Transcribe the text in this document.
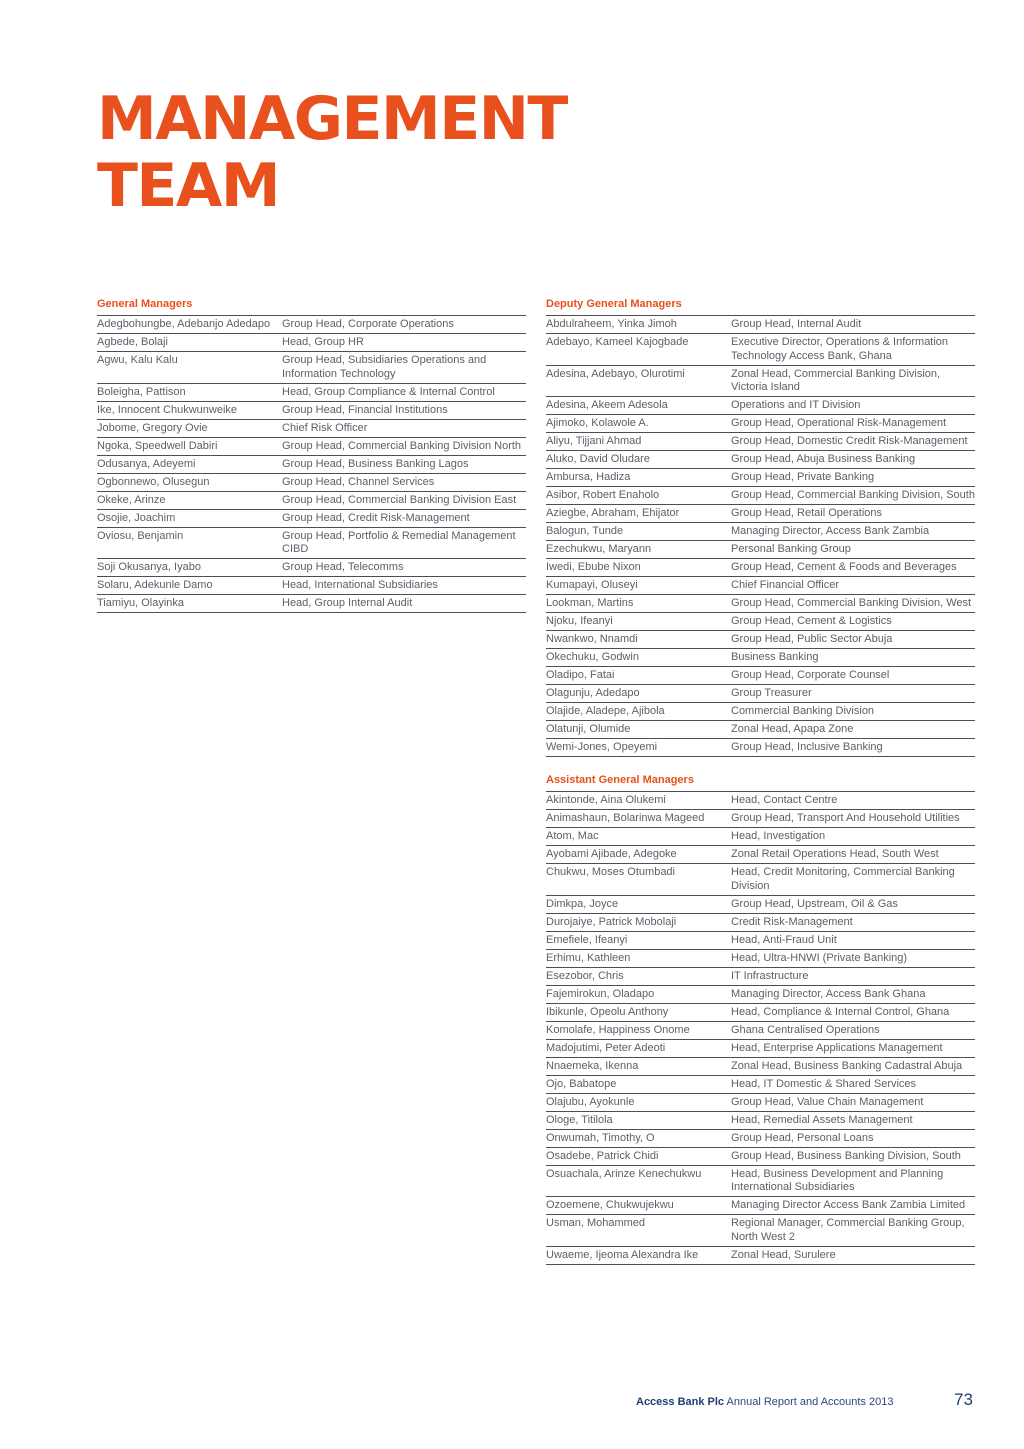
MANAGEMENT
TEAM
General Managers
Adegbohungbe, Adebanjo Adedapo	Group Head, Corporate Operations
Agbede, Bolaji	Head, Group HR
Agwu, Kalu Kalu	Group Head, Subsidiaries Operations and Information Technology
Boleigha, Pattison	Head, Group Compliance & Internal Control
Ike, Innocent Chukwunweike	Group Head, Financial Institutions
Jobome, Gregory Ovie	Chief Risk Officer
Ngoka, Speedwell Dabiri	Group Head, Commercial Banking Division North
Odusanya, Adeyemi	Group Head, Business Banking Lagos
Ogbonnewo, Olusegun	Group Head, Channel Services
Okeke, Arinze	Group Head, Commercial Banking Division East
Osojie, Joachim	Group Head, Credit Risk-Management
Oviosu, Benjamin	Group Head, Portfolio & Remedial Management CIBD
Soji Okusanya, Iyabo	Group Head, Telecomms
Solaru, Adekunle Damo	Head, International Subsidiaries
Tiamiyu, Olayinka	Head, Group Internal Audit
Deputy General Managers
Abdulraheem, Yinka Jimoh	Group Head, Internal Audit
Adebayo, Kameel Kajogbade	Executive Director, Operations & Information Technology Access Bank, Ghana
Adesina, Adebayo, Olurotimi	Zonal Head, Commercial Banking Division, Victoria Island
Adesina, Akeem Adesola	Operations and IT Division
Ajimoko, Kolawole A.	Group Head, Operational Risk-Management
Aliyu, Tijjani Ahmad	Group Head, Domestic Credit Risk-Management
Aluko, David Oludare	Group Head, Abuja Business Banking
Ambursa, Hadiza	Group Head, Private Banking
Asibor, Robert Enaholo	Group Head, Commercial Banking Division, South
Aziegbe, Abraham, Ehijator	Group Head, Retail Operations
Balogun, Tunde	Managing Director, Access Bank Zambia
Ezechukwu, Maryann	Personal Banking Group
Iwedi, Ebube Nixon	Group Head, Cement & Foods and Beverages
Kumapayi, Oluseyi	Chief Financial Officer
Lookman, Martins	Group Head, Commercial Banking Division, West
Njoku, Ifeanyi	Group Head, Cement & Logistics
Nwankwo, Nnamdi	Group Head, Public Sector Abuja
Okechuku, Godwin	Business Banking
Oladipo, Fatai	Group Head, Corporate Counsel
Olagunju, Adedapo	Group Treasurer
Olajide, Aladepe, Ajibola	Commercial Banking Division
Olatunji, Olumide	Zonal Head, Apapa Zone
Wemi-Jones, Opeyemi	Group Head, Inclusive Banking
Assistant General Managers
Akintonde, Aina Olukemi	Head, Contact Centre
Animashaun, Bolarinwa Mageed	Group Head, Transport And Household Utilities
Atom, Mac	Head, Investigation
Ayobami Ajibade, Adegoke	Zonal Retail Operations Head, South West
Chukwu, Moses Otumbadi	Head, Credit Monitoring, Commercial Banking Division
Dimkpa, Joyce	Group Head, Upstream, Oil & Gas
Durojaiye, Patrick Mobolaji	Credit Risk-Management
Emefiele, Ifeanyi	Head, Anti-Fraud Unit
Erhimu, Kathleen	Head, Ultra-HNWI (Private Banking)
Esezobor, Chris	IT Infrastructure
Fajemirokun, Oladapo	Managing Director, Access Bank Ghana
Ibikunle, Opeolu Anthony	Head, Compliance & Internal Control, Ghana
Komolafe, Happiness Onome	Ghana Centralised Operations
Madojutimi, Peter Adeoti	Head, Enterprise Applications Management
Nnaemeka, Ikenna	Zonal Head, Business Banking Cadastral Abuja
Ojo, Babatope	Head, IT Domestic & Shared Services
Olajubu, Ayokunle	Group Head, Value Chain Management
Ologe, Titilola	Head, Remedial Assets Management
Onwumah, Timothy, O	Group Head, Personal Loans
Osadebe, Patrick Chidi	Group Head, Business Banking Division, South
Osuachala, Arinze Kenechukwu	Head, Business Development and Planning International Subsidiaries
Ozoemene, Chukwujekwu	Managing Director Access Bank Zambia Limited
Usman, Mohammed	Regional Manager, Commercial Banking Group, North West 2
Uwaeme, Ijeoma Alexandra Ike	Zonal Head, Surulere
Access Bank Plc Annual Report and Accounts 2013	73
